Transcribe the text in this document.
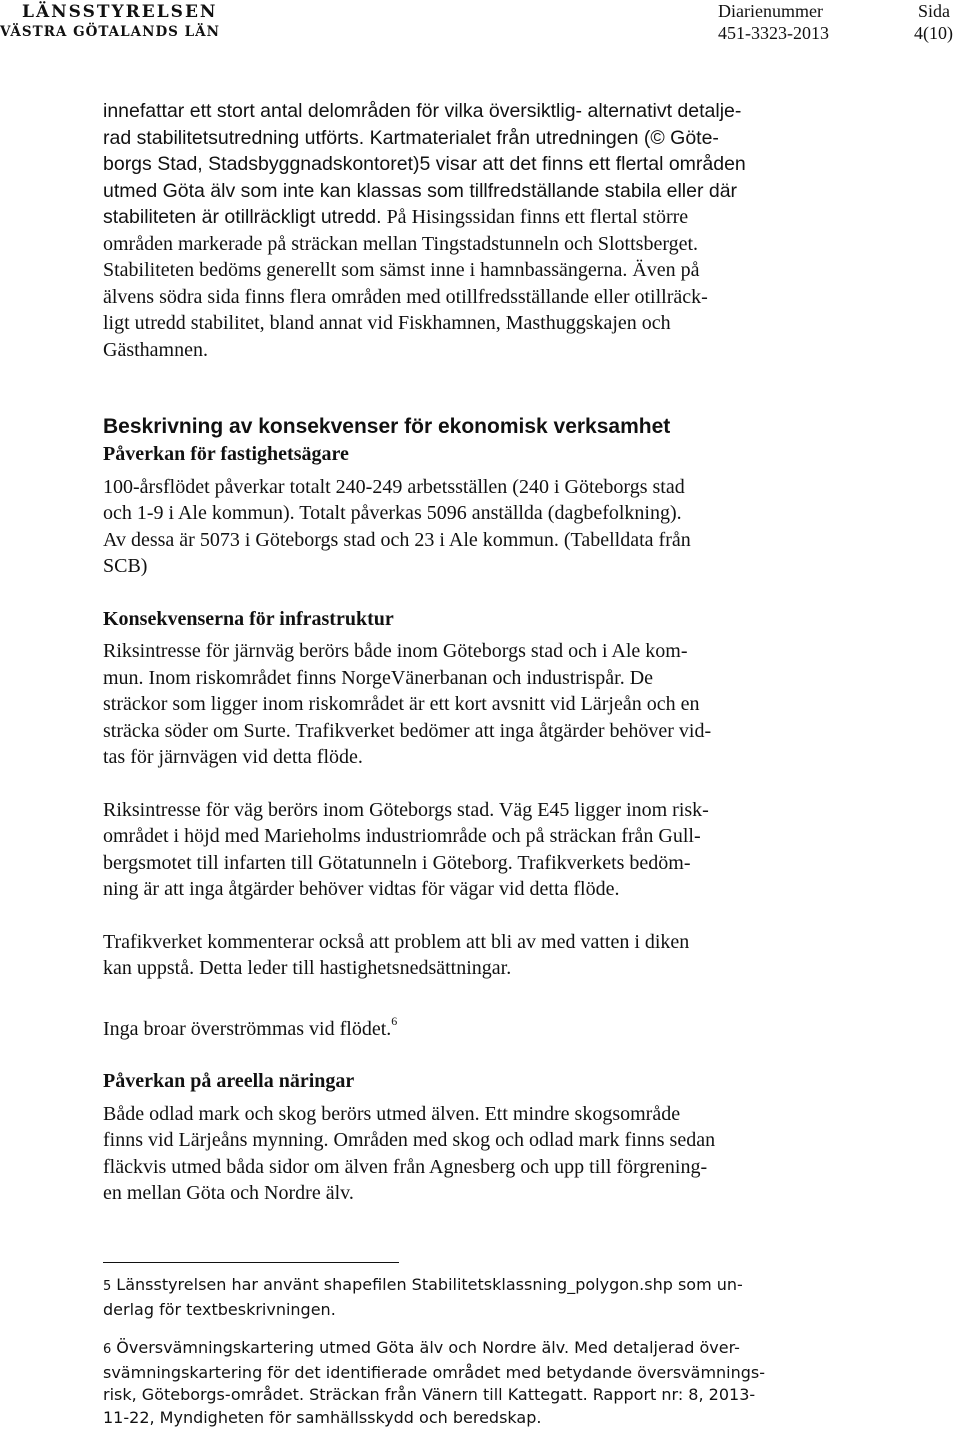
LÄNSSTYRELSEN
VÄSTRA GÖTALANDS LÄN
Diarienummer
451-3323-2013
Sida
4(10)

innefattar ett stort antal delområden för vilka översiktlig- alternativt detalje-
rad stabilitetsutredning utförts. Kartmaterialet från utredningen (© Göte-
borgs Stad, Stadsbyggnadskontoret)5 visar att det finns ett flertal områden
utmed Göta älv som inte kan klassas som tillfredställande stabila eller där
stabiliteten är otillräckligt utredd. På Hisingssidan finns ett flertal större
områden markerade på sträckan mellan Tingstadstunneln och Slottsberget.
Stabiliteten bedöms generellt som sämst inne i hamnbassängerna. Även på
älvens södra sida finns flera områden med otillfredsställande eller otillräck-
ligt utredd stabilitet, bland annat vid Fiskhamnen, Masthuggskajen och
Gästhamnen.

Beskrivning av konsekvenser för ekonomisk verksamhet
Påverkan för fastighetsägare

100-årsflödet påverkar totalt 240-249 arbetsställen (240 i Göteborgs stad
och 1-9 i Ale kommun). Totalt påverkas 5096 anställda (dagbefolkning).
Av dessa är 5073 i Göteborgs stad och 23 i Ale kommun. (Tabelldata från
SCB)

Konsekvenserna för infrastruktur

Riksintresse för järnväg berörs både inom Göteborgs stad och i Ale kom-
mun. Inom riskområdet finns NorgeVänerbanan och industrispår. De
sträckor som ligger inom riskområdet är ett kort avsnitt vid Lärjeån och en
sträcka söder om Surte. Trafikverket bedömer att inga åtgärder behöver vid-
tas för järnvägen vid detta flöde.

Riksintresse för väg berörs inom Göteborgs stad. Väg E45 ligger inom risk-
området i höjd med Marieholms industriområde och på sträckan från Gull-
bergsmotet till infarten till Götatunneln i Göteborg. Trafikverkets bedöm-
ning är att inga åtgärder behöver vidtas för vägar vid detta flöde.

Trafikverket kommenterar också att problem att bli av med vatten i diken
kan uppstå. Detta leder till hastighetsnedsättningar.

Inga broar överströmmas vid flödet.$^6$

Påverkan på areella näringar

Både odlad mark och skog berörs utmed älven. Ett mindre skogsområde
finns vid Lärjeåns mynning. Områden med skog och odlad mark finns sedan
fläckvis utmed båda sidor om älven från Agnesberg och upp till förgrening-
en mellan Göta och Nordre älv.

5 Länsstyrelsen har använt shapefilen Stabilitetsklassning_polygon.shp som un-
derlag för textbeskrivningen.

6 Översvämningskartering utmed Göta älv och Nordre älv. Med detaljerad över-
svämningskartering för det identifierade området med betydande översvämnings-
risk, Göteborgs-området. Sträckan från Vänern till Kattegatt. Rapport nr: 8, 2013-
11-22, Myndigheten för samhällsskydd och beredskap.
